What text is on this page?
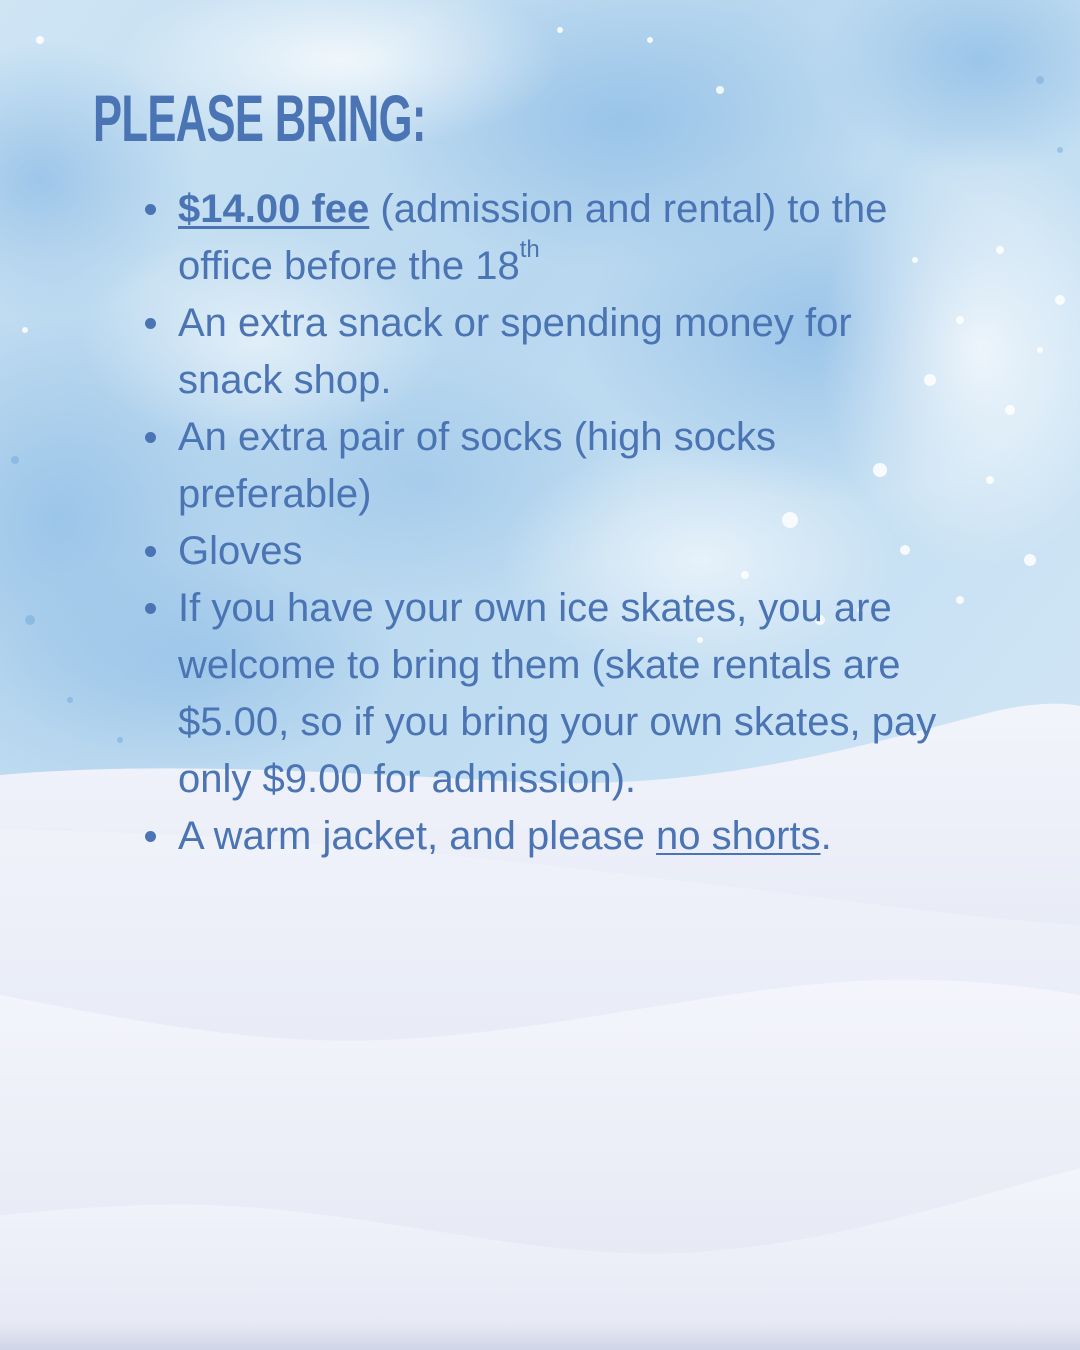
PLEASE BRING:
$14.00 fee (admission and rental) to the office before the 18th
An extra snack or spending money for snack shop.
An extra pair of socks (high socks preferable)
Gloves
If you have your own ice skates, you are welcome to bring them (skate rentals are $5.00, so if you bring your own skates, pay only $9.00 for admission).
A warm jacket, and please no shorts.
